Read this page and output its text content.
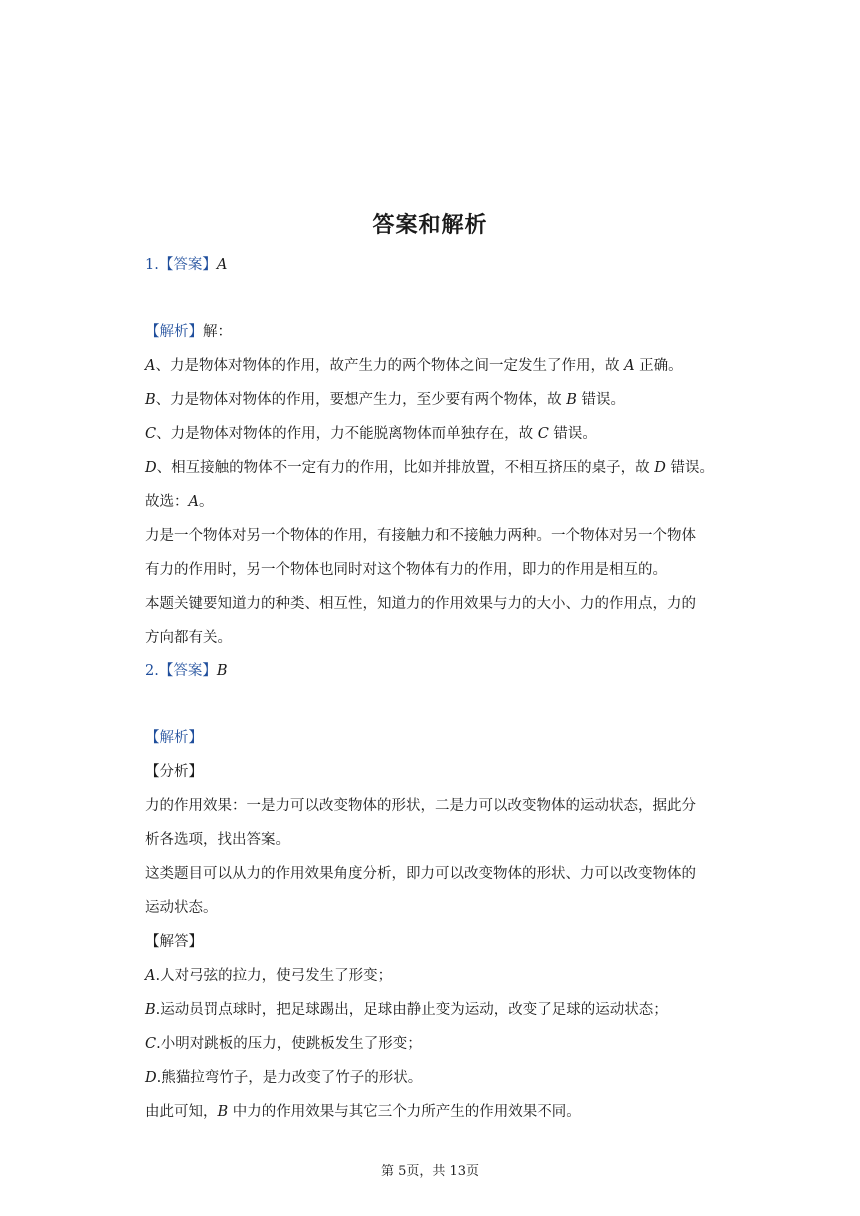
答案和解析
1.【答案】A
【解析】解：
A、力是物体对物体的作用，故产生力的两个物体之间一定发生了作用，故 A 正确。
B、力是物体对物体的作用，要想产生力，至少要有两个物体，故 B 错误。
C、力是物体对物体的作用，力不能脱离物体而单独存在，故 C 错误。
D、相互接触的物体不一定有力的作用，比如并排放置，不相互挤压的桌子，故 D 错误。
故选：A。
力是一个物体对另一个物体的作用，有接触力和不接触力两种。一个物体对另一个物体
有力的作用时，另一个物体也同时对这个物体有力的作用，即力的作用是相互的。
本题关键要知道力的种类、相互性，知道力的作用效果与力的大小、力的作用点，力的
方向都有关。
2.【答案】B
【解析】
【分析】
力的作用效果：一是力可以改变物体的形状，二是力可以改变物体的运动状态，据此分
析各选项，找出答案。
这类题目可以从力的作用效果角度分析，即力可以改变物体的形状、力可以改变物体的
运动状态。
【解答】
A.人对弓弦的拉力，使弓发生了形变；
B.运动员罚点球时，把足球踢出，足球由静止变为运动，改变了足球的运动状态；
C.小明对跳板的压力，使跳板发生了形变；
D.熊猫拉弯竹子，是力改变了竹子的形状。
由此可知，B 中力的作用效果与其它三个力所产生的作用效果不同。
第 5页，共 13页
